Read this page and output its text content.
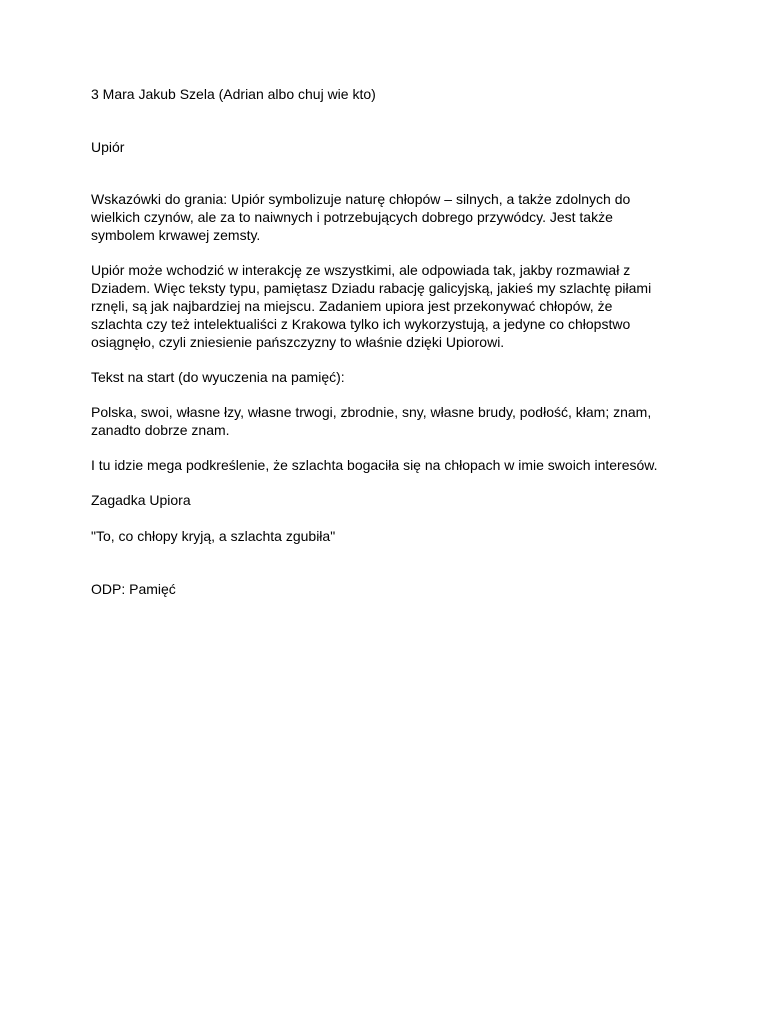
3 Mara Jakub Szela (Adrian albo chuj wie kto)

Upiór

Wskazówki do grania: Upiór symbolizuje naturę chłopów – silnych, a także zdolnych do

wielkich czynów, ale za to naiwnych i potrzebujących dobrego przywódcy. Jest także

symbolem krwawej zemsty.

Upiór może wchodzić w interakcję ze wszystkimi, ale odpowiada tak, jakby rozmawiał z

Dziadem. Więc teksty typu, pamiętasz Dziadu rabację galicyjską, jakieś my szlachtę piłami

rznęli, są jak najbardziej na miejscu. Zadaniem upiora jest przekonywać chłopów, że

szlachta czy też intelektualiści z Krakowa tylko ich wykorzystują, a jedyne co chłopstwo

osiągnęło, czyli zniesienie pańszczyzny to właśnie dzięki Upiorowi.

Tekst na start (do wyuczenia na pamięć):

Polska, swoi, własne łzy, własne trwogi, zbrodnie, sny, własne brudy, podłość, kłam; znam,

zanadto dobrze znam.

I tu idzie mega podkreślenie, że szlachta bogaciła się na chłopach w imie swoich interesów.

Zagadka Upiora

"To, co chłopy kryją, a szlachta zgubiła"

ODP: Pamięć
